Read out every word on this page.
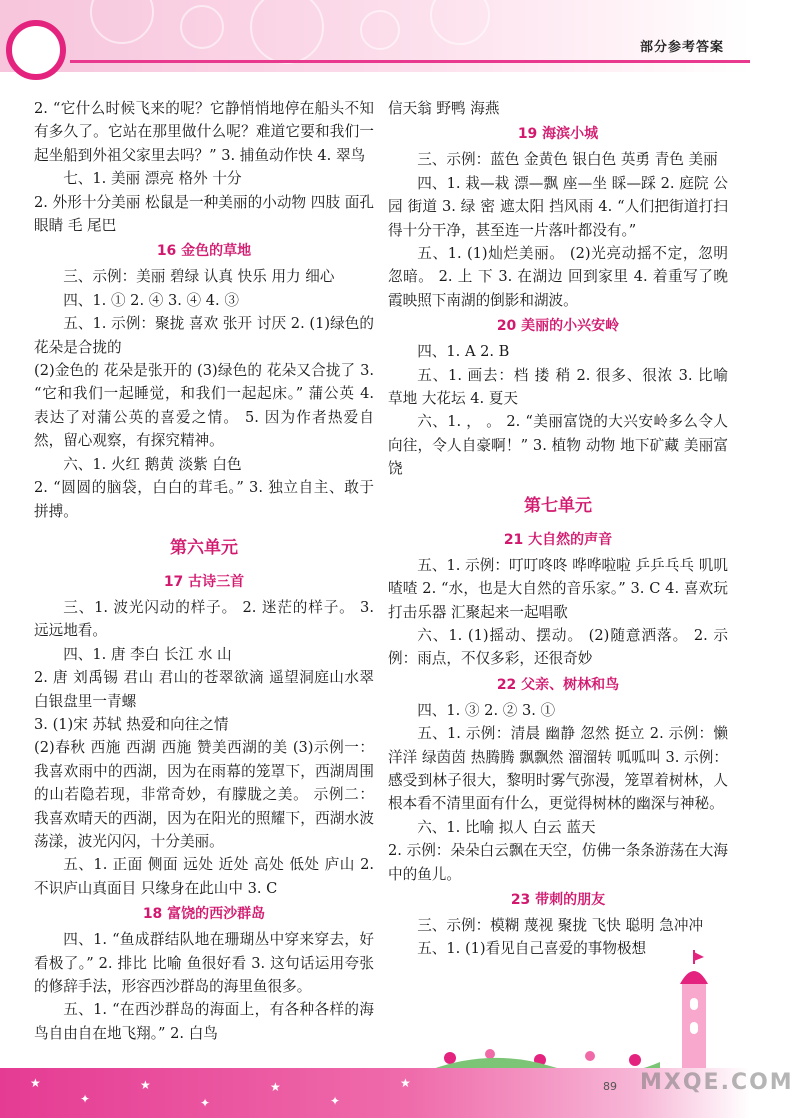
部分参考答案

2. “它什么时候飞来的呢？它静悄悄地停在船头不知有多久了。它站在那里做什么呢？难道它要和我们一起坐船到外祖父家里去吗？” 3. 捕鱼动作快 4. 翠鸟

七、1. 美丽 漂亮 格外 十分

2. 外形十分美丽 松鼠是一种美丽的小动物 四肢 面孔 眼睛 毛 尾巴

16 金色的草地

三、示例：美丽 碧绿 认真 快乐 用力 细心

四、1. ① 2. ④ 3. ④ 4. ③

五、1. 示例：聚拢 喜欢 张开 讨厌 2. (1)绿色的 花朵是合拢的

(2)金色的 花朵是张开的 (3)绿色的 花朵又合拢了 3. “它和我们一起睡觉，和我们一起起床。” 蒲公英 4. 表达了对蒲公英的喜爱之情。 5. 因为作者热爱自然，留心观察，有探究精神。

六、1. 火红 鹅黄 淡紫 白色

2. “圆圆的脑袋，白白的茸毛。” 3. 独立自主、敢于拼搏。

第六单元
17 古诗三首

三、1. 波光闪动的样子。 2. 迷茫的样子。 3. 远远地看。

四、1. 唐 李白 长江 水 山

2. 唐 刘禹锡 君山 君山的苍翠欲滴 遥望洞庭山水翠 白银盘里一青螺

3. (1)宋 苏轼 热爱和向往之情

(2)春秋 西施 西湖 西施 赞美西湖的美 (3)示例一：我喜欢雨中的西湖，因为在雨幕的笼罩下，西湖周围的山若隐若现，非常奇妙，有朦胧之美。 示例二：我喜欢晴天的西湖，因为在阳光的照耀下，西湖水波荡漾，波光闪闪，十分美丽。

五、1. 正面 侧面 远处 近处 高处 低处 庐山 2. 不识庐山真面目 只缘身在此山中 3. C

18 富饶的西沙群岛

四、1. “鱼成群结队地在珊瑚丛中穿来穿去，好看极了。” 2. 排比 比喻 鱼很好看 3. 这句话运用夸张的修辞手法，形容西沙群岛的海里鱼很多。

五、1. “在西沙群岛的海面上，有各种各样的海鸟自由自在地飞翔。” 2. 白鸟

信天翁 野鸭 海燕

19 海滨小城

三、示例：蓝色 金黄色 银白色 英勇 青色 美丽

四、1. 栽—栽 漂—飘 座—坐 睬—踩 2. 庭院 公园 街道 3. 绿 密 遮太阳 挡风雨 4. “人们把街道打扫得十分干净，甚至连一片落叶都没有。”

五、1. (1)灿烂美丽。 (2)光亮动摇不定，忽明忽暗。 2. 上 下 3. 在湖边 回到家里 4. 着重写了晚霞映照下南湖的倒影和湖波。

20 美丽的小兴安岭

四、1. A 2. B

五、1. 画去：档 搂 稍 2. 很多、很浓 3. 比喻 草地 大花坛 4. 夏天

六、1. ， 。 2. “美丽富饶的大兴安岭多么令人向往，令人自豪啊！” 3. 植物 动物 地下矿藏 美丽富饶

第七单元
21 大自然的声音

五、1. 示例：叮叮咚咚 哗哗啦啦 乒乒乓乓 叽叽喳喳 2. “水，也是大自然的音乐家。” 3. C 4. 喜欢玩打击乐器 汇聚起来一起唱歌

六、1. (1)摇动、摆动。 (2)随意洒落。 2. 示例：雨点，不仅多彩，还很奇妙

22 父亲、树林和鸟

四、1. ③ 2. ② 3. ①

五、1. 示例：清晨 幽静 忽然 挺立 2. 示例：懒洋洋 绿茵茵 热腾腾 飘飘然 溜溜转 呱呱叫 3. 示例：感受到林子很大，黎明时雾气弥漫，笼罩着树林，人根本看不清里面有什么，更觉得树林的幽深与神秘。

六、1. 比喻 拟人 白云 蓝天

2. 示例：朵朵白云飘在天空，仿佛一条条游荡在大海中的鱼儿。

23 带刺的朋友

三、示例：模糊 蔑视 聚拢 飞快 聪明 急冲冲

五、1. (1)看见自己喜爱的事物极想

★
✦
★
✦
★
✦
★	89 MXQE.COM
